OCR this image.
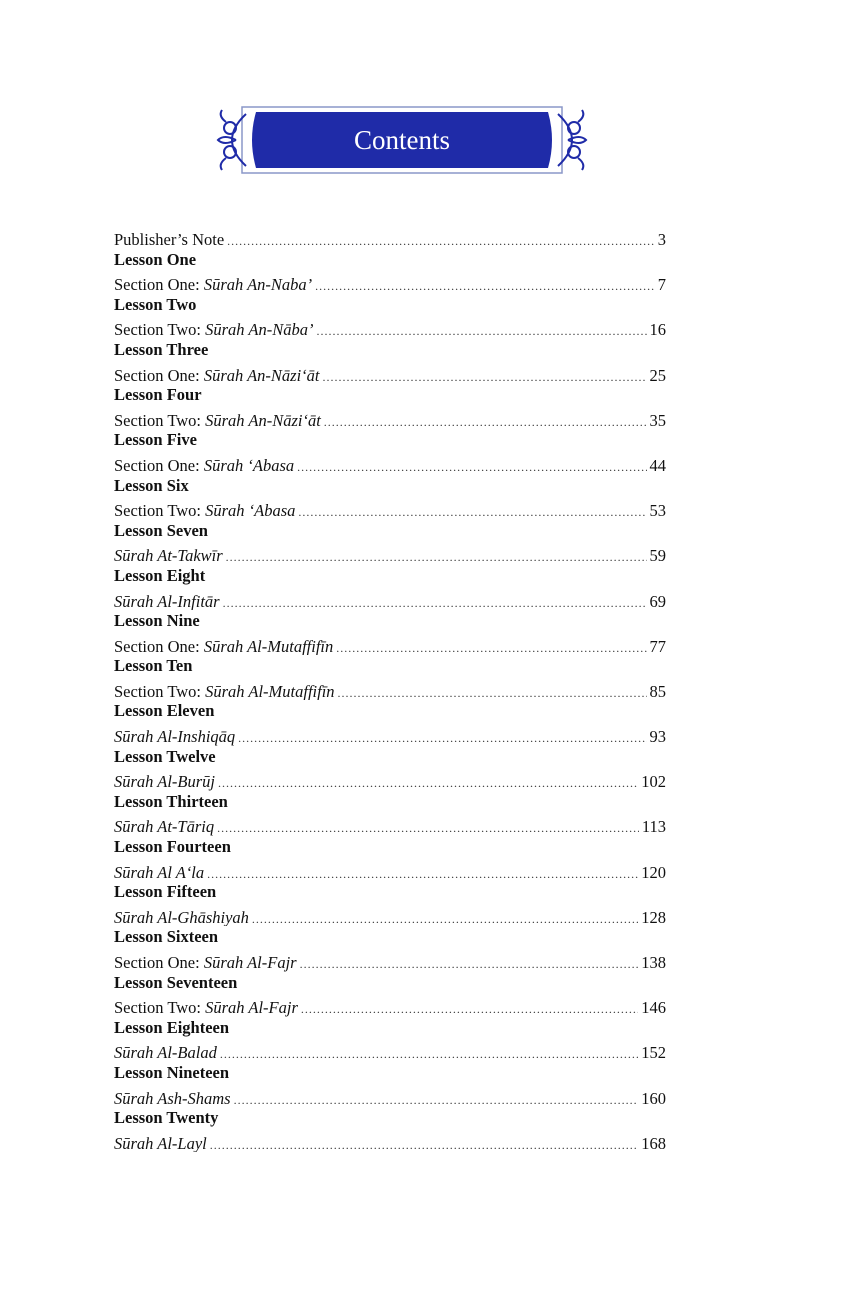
Contents
Publisher’s Note .....	3
Lesson One
Section One: Sūrah An-Naba’ .....	7
Lesson Two
Section Two: Sūrah An-Nāba’ .....	16
Lesson Three
Section One: Sūrah An-Nāzi‘āt .....	25
Lesson Four
Section Two: Sūrah An-Nāzi‘āt .....	35
Lesson Five
Section One: Sūrah ‘Abasa .....	44
Lesson Six
Section Two: Sūrah ‘Abasa .....	53
Lesson Seven
Sūrah At-Takwīr .....	59
Lesson Eight
Sūrah Al-Infitār .....	69
Lesson Nine
Section One: Sūrah Al-Mutaffifīn .....	77
Lesson Ten
Section Two: Sūrah Al-Mutaffifīn .....	85
Lesson Eleven
Sūrah Al-Inshiqāq .....	93
Lesson Twelve
Sūrah Al-Burūj .....	102
Lesson Thirteen
Sūrah At-Tāriq .....	113
Lesson Fourteen
Sūrah Al A‘la .....	120
Lesson Fifteen
Sūrah Al-Ghāshiyah .....	128
Lesson Sixteen
Section One: Sūrah Al-Fajr .....	138
Lesson Seventeen
Section Two: Sūrah Al-Fajr .....	146
Lesson Eighteen
Sūrah Al-Balad .....	152
Lesson Nineteen
Sūrah Ash-Shams .....	160
Lesson Twenty
Sūrah Al-Layl .....	168
